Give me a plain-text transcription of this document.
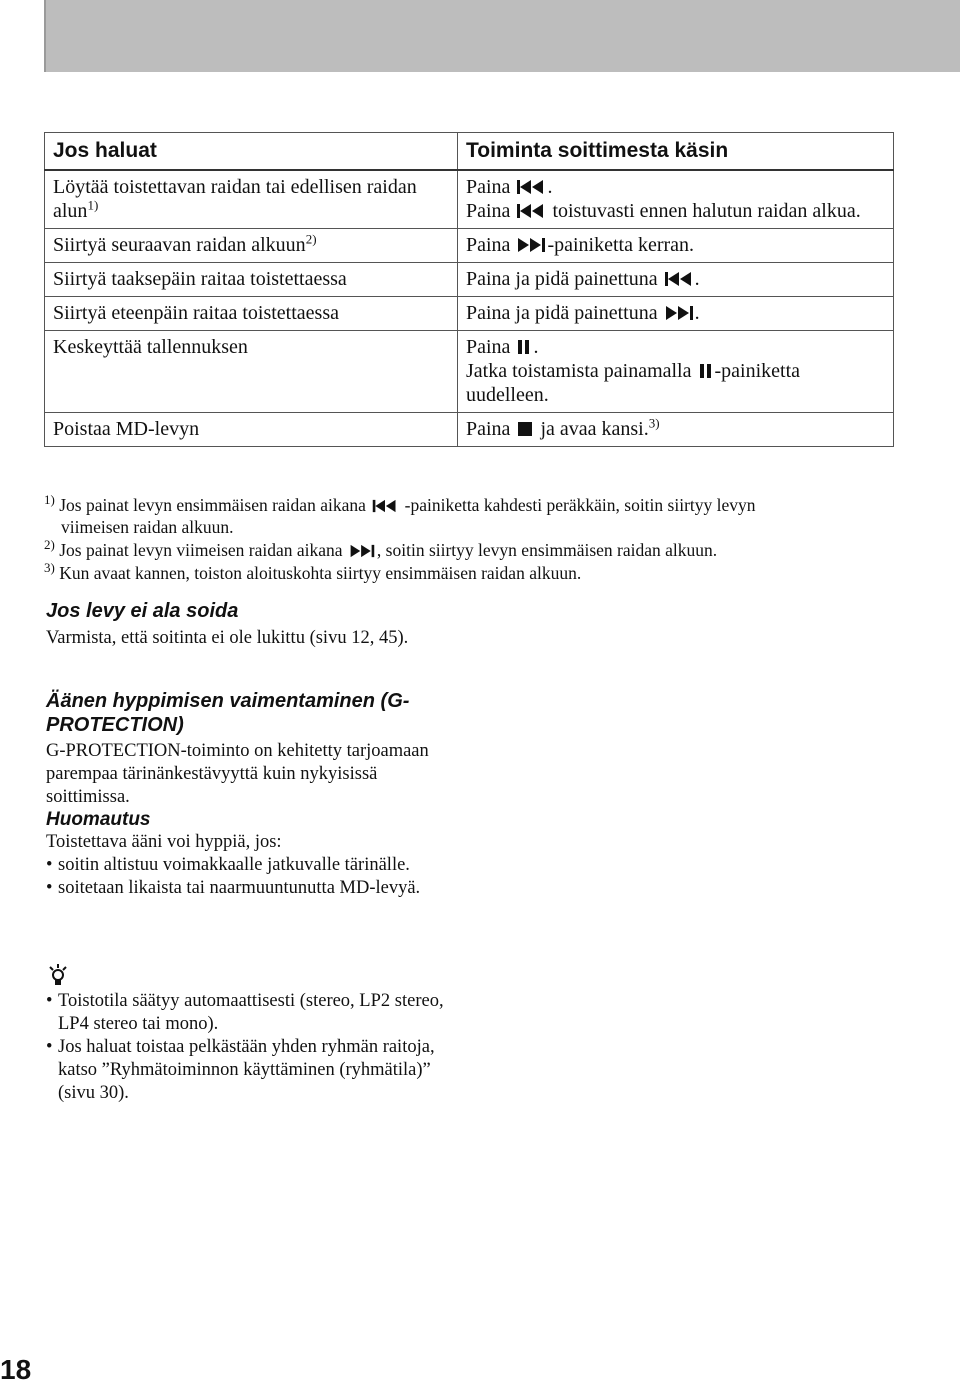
Jos haluat	Toiminta soittimesta käsin
Löytää toistettavan raidan tai edellisen raidan alun$^{1)}$	Paina .
Paina toistuvasti ennen halutun raidan alkua.
Siirtyä seuraavan raidan alkuun$^{2)}$	Paina -painiketta kerran.
Siirtyä taaksepäin raitaa toistettaessa	Paina ja pidä painettuna .
Siirtyä eteenpäin raitaa toistettaessa	Paina ja pidä painettuna .
Keskeyttää tallennuksen	Paina .
Jatka toistamista painamalla -painiketta uudelleen.
Poistaa MD-levyn	Paina ja avaa kansi.$^{3)}$
$^{1)}$ Jos painat levyn ensimmäisen raidan aikana -painiketta kahdesti peräkkäin, soitin siirtyy levyn
viimeisen raidan alkuun.
$^{2)}$ Jos painat levyn viimeisen raidan aikana , soitin siirtyy levyn ensimmäisen raidan alkuun.
$^{3)}$ Kun avaat kannen, toiston aloituskohta siirtyy ensimmäisen raidan alkuun.
Jos levy ei ala soida

Varmista, että soitinta ei ole lukittu (sivu 12, 45).

Äänen hyppimisen vaimentaminen (G-PROTECTION)

G-PROTECTION-toiminto on kehitetty tarjoamaan parempaa tärinänkestävyyttä kuin nykyisissä soittimissa.

Huomautus

Toistettava ääni voi hyppiä, jos:

• soitin altistuu voimakkaalle jatkuvalle tärinälle.
• soitetaan likaista tai naarmuuntunutta MD-levyä.
• Toistotila säätyy automaattisesti (stereo, LP2 stereo, LP4 stereo tai mono).
• Jos haluat toistaa pelkästään yhden ryhmän raitoja, katso ”Ryhmätoiminnon käyttäminen (ryhmätila)” (sivu 30).
18
